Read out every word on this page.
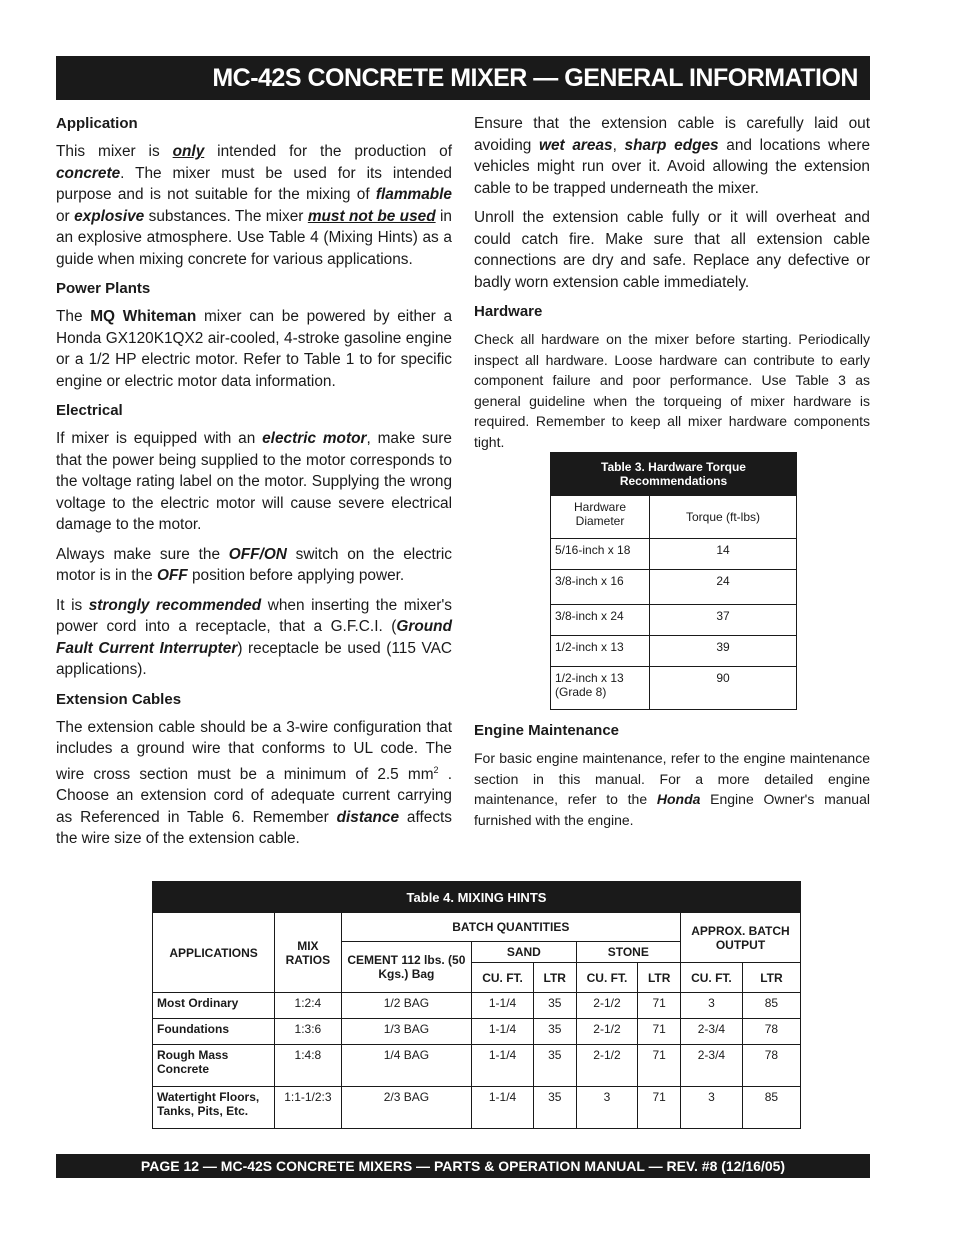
MC-42S CONCRETE MIXER — GENERAL INFORMATION
Application

This mixer is only intended for the production of concrete. The mixer must be used for its intended purpose and is not suitable for the mixing of flammable or explosive substances. The mixer must not be used in an explosive atmosphere. Use Table 4 (Mixing Hints) as a guide when mixing concrete for various applications.

Power Plants

The MQ Whiteman mixer can be powered by either a Honda GX120K1QX2 air-cooled, 4-stroke gasoline engine or a 1/2 HP electric motor. Refer to Table 1 to for specific engine or electric motor data information.

Electrical

If mixer is equipped with an electric motor, make sure that the power being supplied to the motor corresponds to the voltage rating label on the motor. Supplying the wrong voltage to the electric motor will cause severe electrical damage to the motor.

Always make sure the OFF/ON switch on the electric motor is in the OFF position before applying power.

It is strongly recommended when inserting the mixer's power cord into a receptacle, that a G.F.C.I. (Ground Fault Current Interrupter) receptacle be used (115 VAC applications).

Extension Cables

The extension cable should be a 3-wire configuration that includes a ground wire that conforms to UL code. The wire cross section must be a minimum of 2.5 $mm^2$ . Choose an extension cord of adequate current carrying as Referenced in Table 6. Remember distance affects the wire size of the extension cable.

Ensure that the extension cable is carefully laid out avoiding wet areas, sharp edges and locations where vehicles might run over it. Avoid allowing the extension cable to be trapped underneath the mixer.

Unroll the extension cable fully or it will overheat and could catch fire. Make sure that all extension cable connections are dry and safe. Replace any defective or badly worn extension cable immediately.

Hardware

Check all hardware on the mixer before starting. Periodically inspect all hardware. Loose hardware can contribute to early component failure and poor performance. Use Table 3 as general guideline when the torqueing of mixer hardware is required. Remember to keep all mixer hardware components tight.

Table 3. Hardware Torque Recommendations	
Hardware Diameter	Torque (ft-lbs)
5/16-inch x 18	14
3/8-inch x 16	24
3/8-inch x 24	37
1/2-inch x 13	39
1/2-inch x 13 (Grade 8)	90
Engine Maintenance

For basic engine maintenance, refer to the engine maintenance section in this manual. For a more detailed engine maintenance, refer to the Honda Engine Owner's manual furnished with the engine.

Table 4. MIXING HINTS								
APPLICATIONS	MIX RATIOS	BATCH QUANTITIES					APPROX. BATCH OUTPUT	
		CEMENT 112 lbs. (50 Kgs.) Bag	SAND		STONE			
			CU. FT.	LTR	CU. FT.	LTR	CU. FT.	LTR
Most Ordinary	1:2:4	1/2 BAG	1-1/4	35	2-1/2	71	3	85
Foundations	1:3:6	1/3 BAG	1-1/4	35	2-1/2	71	2-3/4	78
Rough Mass Concrete	1:4:8	1/4 BAG	1-1/4	35	2-1/2	71	2-3/4	78
Watertight Floors, Tanks, Pits, Etc.	1:1-1/2:3	2/3 BAG	1-1/4	35	3	71	3	85
PAGE 12 — MC-42S CONCRETE MIXERS — PARTS & OPERATION MANUAL — REV. #8 (12/16/05)
